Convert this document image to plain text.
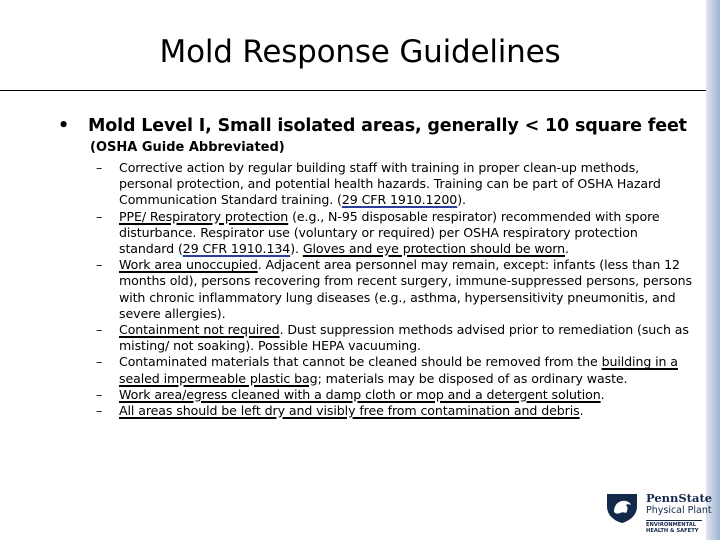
Mold Response Guidelines
• Mold Level I, Small isolated areas, generally < 10 square feet
(OSHA Guide Abbreviated)
– Corrective action by regular building staff with training in proper clean-up methods, personal protection, and potential health hazards. Training can be part of OSHA Hazard Communication Standard training. (29 CFR 1910.1200).
– PPE/ Respiratory protection (e.g., N-95 disposable respirator) recommended with spore disturbance. Respirator use (voluntary or required) per OSHA respiratory protection standard (29 CFR 1910.134). Gloves and eye protection should be worn.
– Work area unoccupied. Adjacent area personnel may remain, except: infants (less than 12 months old), persons recovering from recent surgery, immune-suppressed persons, persons with chronic inflammatory lung diseases (e.g., asthma, hypersensitivity pneumonitis, and severe allergies).
– Containment not required. Dust suppression methods advised prior to remediation (such as misting/ not soaking). Possible HEPA vacuuming.
– Contaminated materials that cannot be cleaned should be removed from the building in a sealed impermeable plastic bag; materials may be disposed of as ordinary waste.
– Work area/egress cleaned with a damp cloth or mop and a detergent solution.
– All areas should be left dry and visibly free from contamination and debris.
PennState
Physical Plant
ENVIRONMENTAL
HEALTH & SAFETY
